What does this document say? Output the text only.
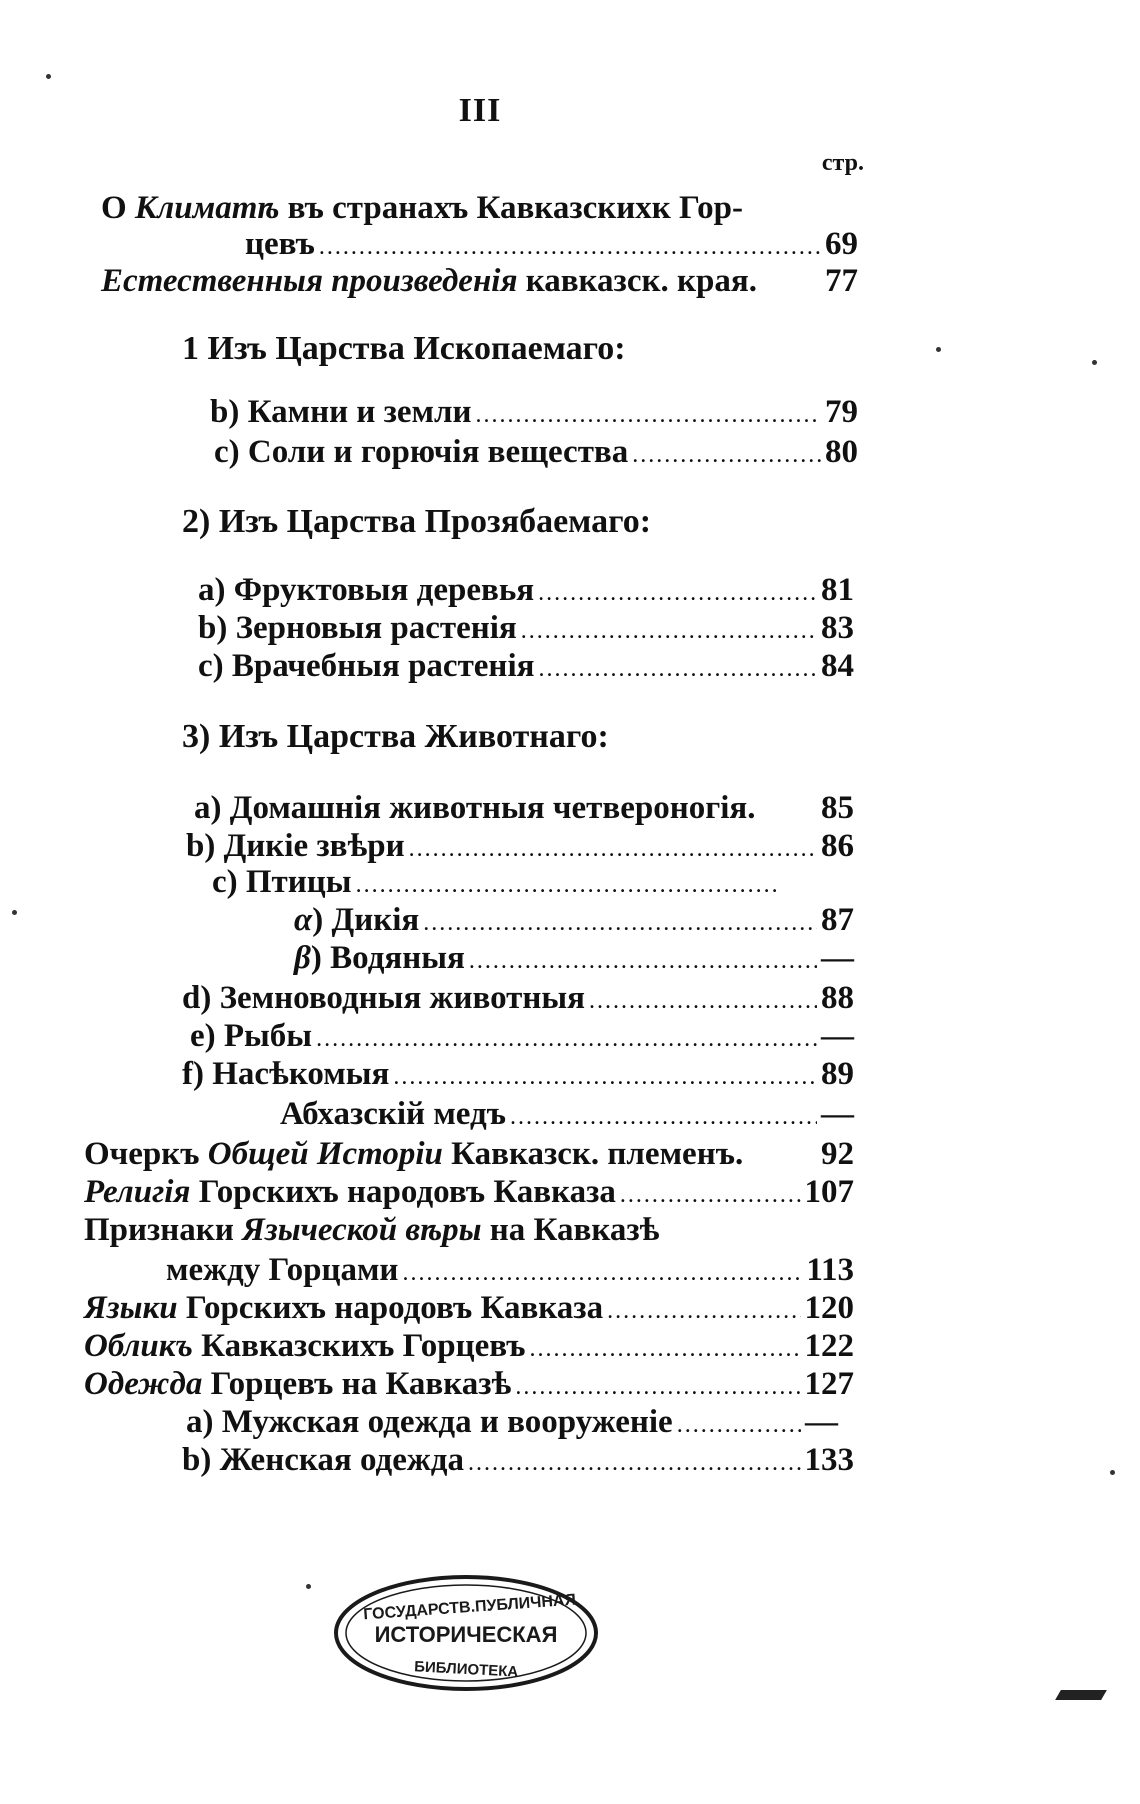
III
стр.
О Климатѣ въ странахъ Кавказскихк Гор-
цевъ . . .	69
Естественныя произведенія кавказск. края. 77
1 Изъ Царства Ископаемаго:
b) Камни и земли . . .	79
c) Соли и горючія вещества . . .	80
2) Изъ Царства Прозябаемаго:
а) Фруктовыя деревья . . .	81
b) Зерновыя растенія . . .	83
c) Врачебныя растенія . . .	84
3) Изъ Царства Животнаго:
а) Домашнія животныя четвероногія. 85
b) Дикіе звѣри . . .	86
c) Птицы
. . .
α) Дикія . . .	87
β) Водяныя . . .	—
d) Земноводныя животныя . . .	88
e) Рыбы . . .	—
f) Насѣкомыя . . .	89
Абхазскій медъ . . .	—
Очеркъ Общей Исторіи Кавказск. племенъ. 92
Религія Горскихъ народовъ Кавказа . . .	107
Признаки Языческой вѣры на Кавказѣ
между Горцами . . .	113
Языки Горскихъ народовъ Кавказа . . .	120
Обликъ Кавказскихъ Горцевъ . . .	122
Одежда Горцевъ на Кавказѣ . . .	127
а) Мужская одежда и вооруженіе . . .	—
b) Женская одежда . . .	133
ГОСУДАРСТВ.ПУБЛИЧНАЯ
ИСТОРИЧЕСКАЯ
БИБЛИОТЕКА
